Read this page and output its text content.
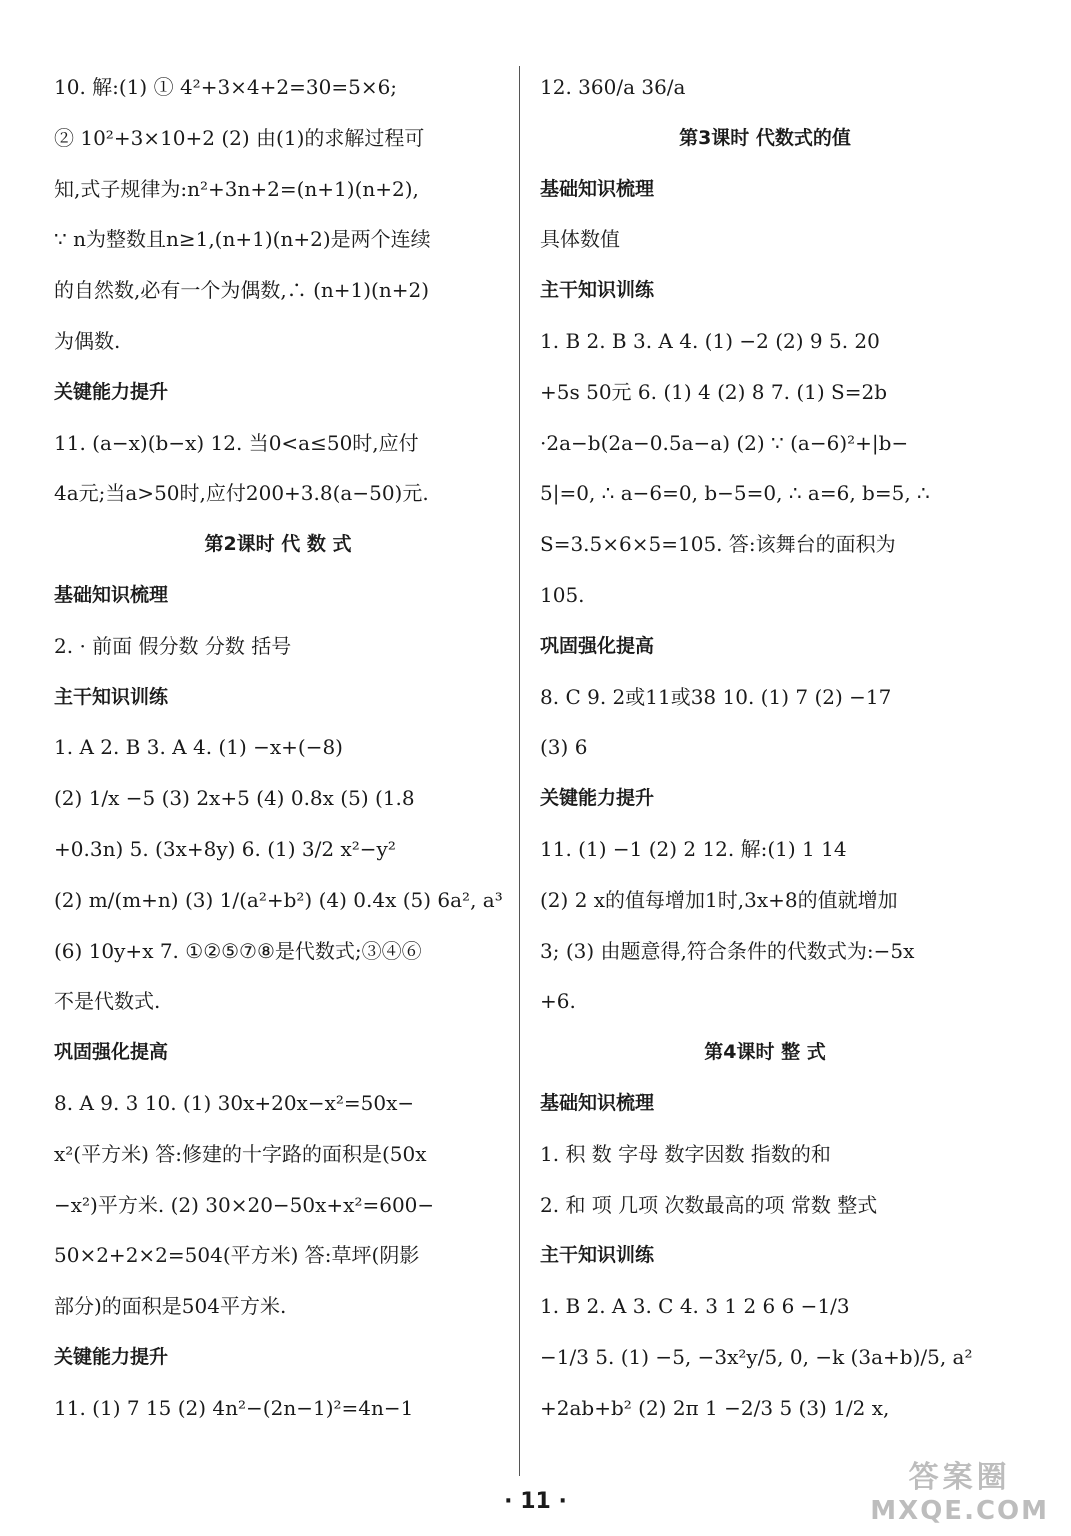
10. 解:(1) ① 4²+3×4+2=30=5×6;
② 10²+3×10+2 (2) 由(1)的求解过程可
知,式子规律为:n²+3n+2=(n+1)(n+2),
∵ n为整数且n≥1,(n+1)(n+2)是两个连续
的自然数,必有一个为偶数,∴ (n+1)(n+2)
为偶数.
关键能力提升
11. (a−x)(b−x) 12. 当0<a≤50时,应付
4a元;当a>50时,应付200+3.8(a−50)元.
第2课时 代 数 式
基础知识梳理
2. · 前面 假分数 分数 括号
主干知识训练
1. A 2. B 3. A 4. (1) −x+(−8)
(2) 1/x −5 (3) 2x+5 (4) 0.8x (5) (1.8
+0.3n) 5. (3x+8y) 6. (1) 3/2 x²−y²
(2) m/(m+n) (3) 1/(a²+b²) (4) 0.4x (5) 6a², a³
(6) 10y+x 7. ①②⑤⑦⑧是代数式;③④⑥
不是代数式.
巩固强化提高
8. A 9. 3 10. (1) 30x+20x−x²=50x−
x²(平方米) 答:修建的十字路的面积是(50x
−x²)平方米. (2) 30×20−50x+x²=600−
50×2+2×2=504(平方米) 答:草坪(阴影
部分)的面积是504平方米.
关键能力提升
11. (1) 7 15 (2) 4n²−(2n−1)²=4n−1
12. 360/a 36/a
第3课时 代数式的值
基础知识梳理
具体数值
主干知识训练
1. B 2. B 3. A 4. (1) −2 (2) 9 5. 20
+5s 50元 6. (1) 4 (2) 8 7. (1) S=2b
·2a−b(2a−0.5a−a) (2) ∵ (a−6)²+|b−
5|=0, ∴ a−6=0, b−5=0, ∴ a=6, b=5, ∴
S=3.5×6×5=105. 答:该舞台的面积为
105.
巩固强化提高
8. C 9. 2或11或38 10. (1) 7 (2) −17
(3) 6
关键能力提升
11. (1) −1 (2) 2 12. 解:(1) 1 14
(2) 2 x的值每增加1时,3x+8的值就增加
3; (3) 由题意得,符合条件的代数式为:−5x
+6.
第4课时 整 式
基础知识梳理
1. 积 数 字母 数字因数 指数的和
2. 和 项 几项 次数最高的项 常数 整式
主干知识训练
1. B 2. A 3. C 4. 3 1 2 6 6 −1/3
−1/3 5. (1) −5, −3x²y/5, 0, −k (3a+b)/5, a²
+2ab+b² (2) 2π 1 −2/3 5 (3) 1/2 x,
· 11 ·
答案圈
MXQE.COM
